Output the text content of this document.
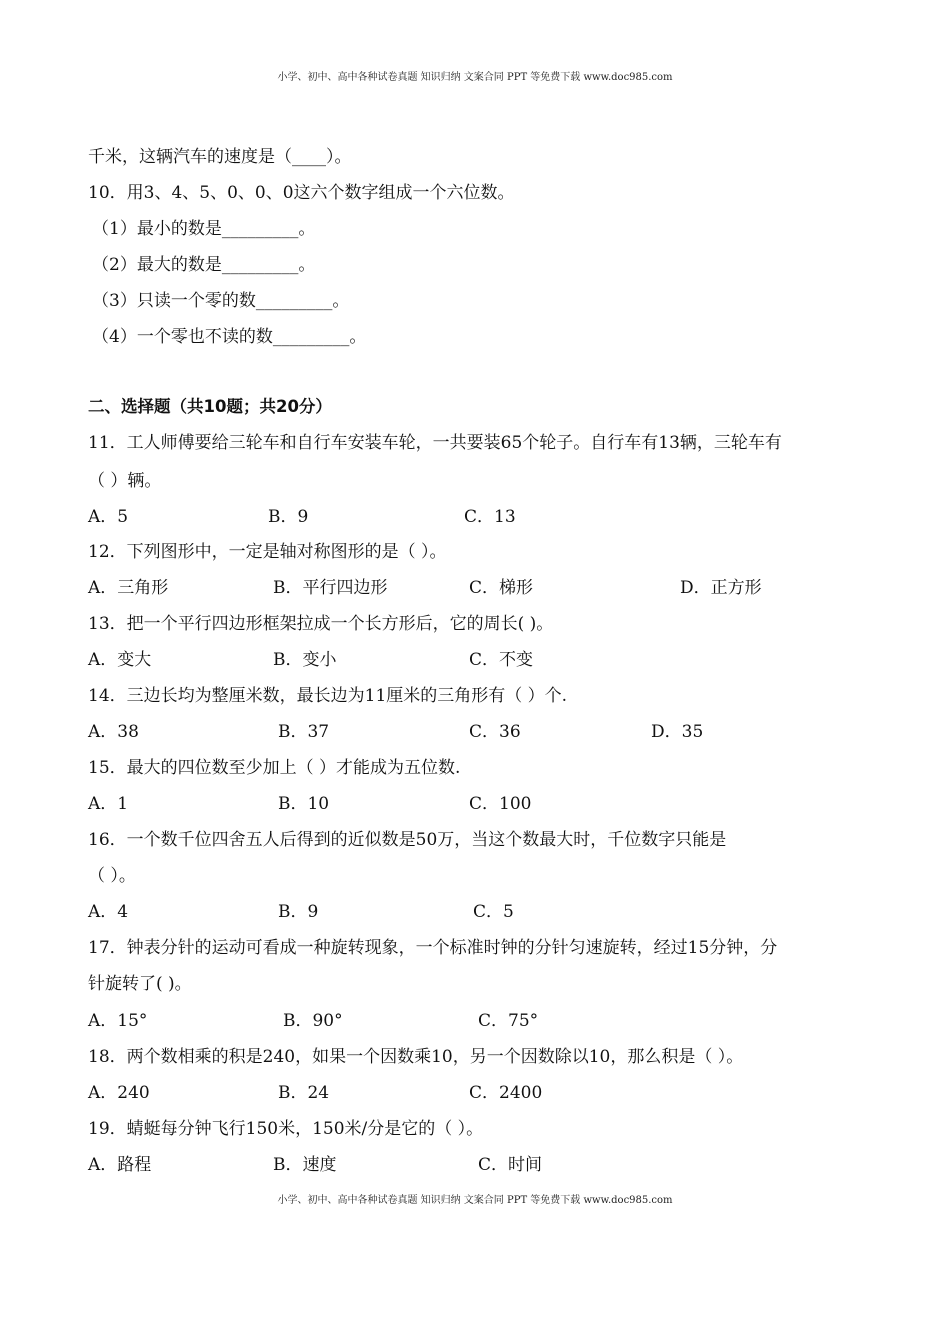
小学、初中、高中各种试卷真题 知识归纳 文案合同 PPT 等免费下载 www.doc985.com
千米，这辆汽车的速度是（____）。
10．用3、4、5、0、0、0这六个数字组成一个六位数。
（1）最小的数是_________。
（2）最大的数是_________。
（3）只读一个零的数_________。
（4）一个零也不读的数_________。
二、选择题（共10题；共20分）
11．工人师傅要给三轮车和自行车安装车轮，一共要装65个轮子。自行车有13辆，三轮车有
（ ）辆。
A．5	B．9	C．13
12．下列图形中，一定是轴对称图形的是（ ）。
A．三角形	B．平行四边形	C．梯形	D．正方形
13．把一个平行四边形框架拉成一个长方形后，它的周长( )。
A．变大	B．变小	C．不变
14．三边长均为整厘米数，最长边为11厘米的三角形有（ ）个.
A．38	B．37	C．36	D．35
15．最大的四位数至少加上（ ）才能成为五位数.
A．1	B．10	C．100
16．一个数千位四舍五人后得到的近似数是50万，当这个数最大时，千位数字只能是
（ ）。
A．4	B．9	C．5
17．钟表分针的运动可看成一种旋转现象，一个标准时钟的分针匀速旋转，经过15分钟，分
针旋转了( )。
A．15°	B．90°	C．75°
18．两个数相乘的积是240，如果一个因数乘10，另一个因数除以10，那么积是（ ）。
A．240	B．24	C．2400
19．蜻蜓每分钟飞行150米，150米/分是它的（ ）。
A．路程	B．速度	C．时间
小学、初中、高中各种试卷真题 知识归纳 文案合同 PPT 等免费下载 www.doc985.com
